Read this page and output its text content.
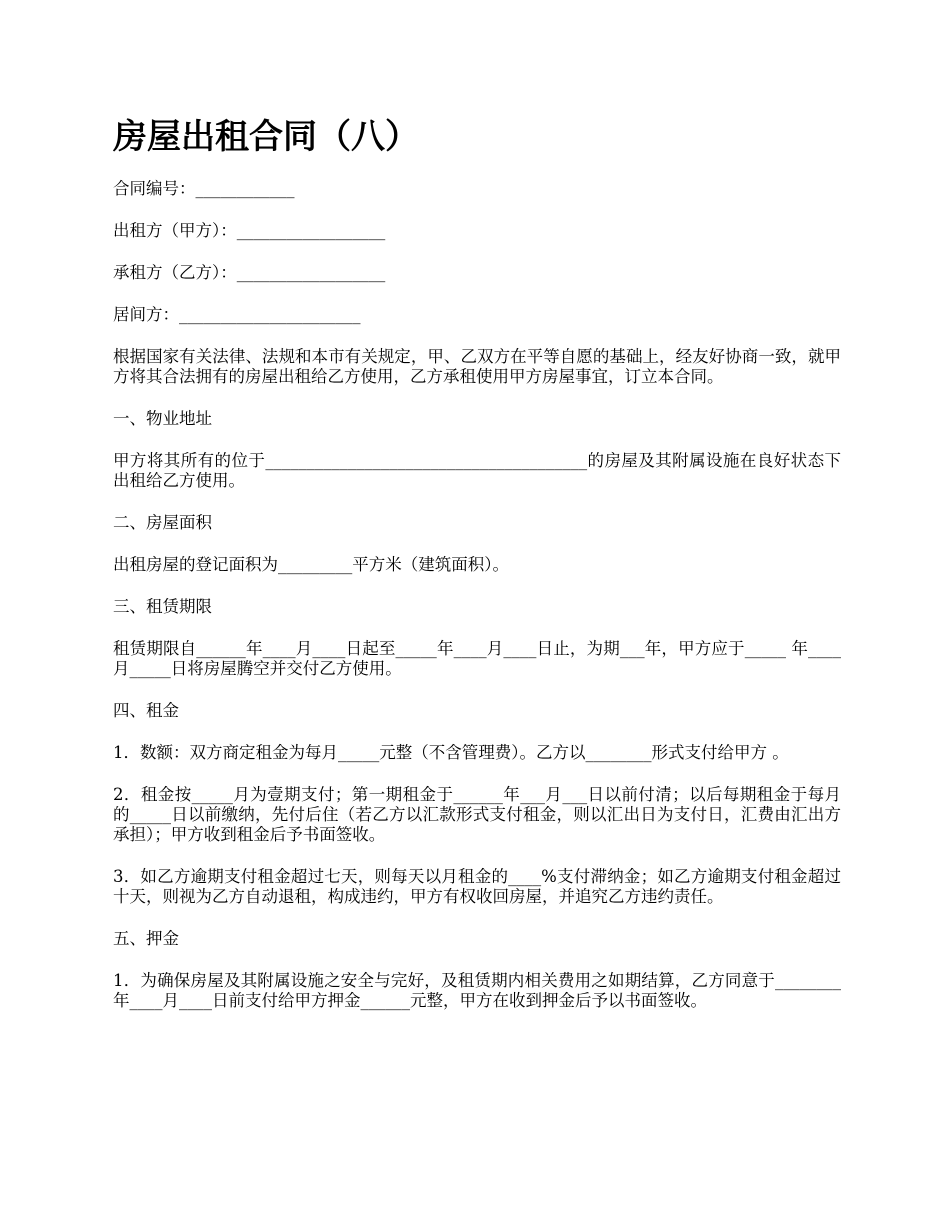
房屋出租合同（八）
合同编号：____________
出租方（甲方）：__________________
承租方（乙方）：__________________
居间方：______________________
根据国家有关法律、法规和本市有关规定，甲、乙双方在平等自愿的基础上，经友好协商一致，就甲方将其合法拥有的房屋出租给乙方使用，乙方承租使用甲方房屋事宜，订立本合同。
一、物业地址
甲方将其所有的位于_______________________________________的房屋及其附属设施在良好状态下出租给乙方使用。
二、房屋面积
出租房屋的登记面积为_________平方米（建筑面积）。
三、租赁期限
租赁期限自______年____月____日起至_____年____月____日止，为期___年，甲方应于_____ 年____月_____日将房屋腾空并交付乙方使用。
四、租金
1．数额：双方商定租金为每月_____元整（不含管理费）。乙方以________形式支付给甲方 。
2．租金按_____月为壹期支付；第一期租金于______年___月___日以前付清；以后每期租金于每月的_____日以前缴纳，先付后住（若乙方以汇款形式支付租金，则以汇出日为支付日，汇费由汇出方承担）；甲方收到租金后予书面签收。
3．如乙方逾期支付租金超过七天，则每天以月租金的____%支付滞纳金；如乙方逾期支付租金超过十天，则视为乙方自动退租，构成违约，甲方有权收回房屋，并追究乙方违约责任。
五、押金
1．为确保房屋及其附属设施之安全与完好，及租赁期内相关费用之如期结算，乙方同意于________年____月____日前支付给甲方押金______元整，甲方在收到押金后予以书面签收。
